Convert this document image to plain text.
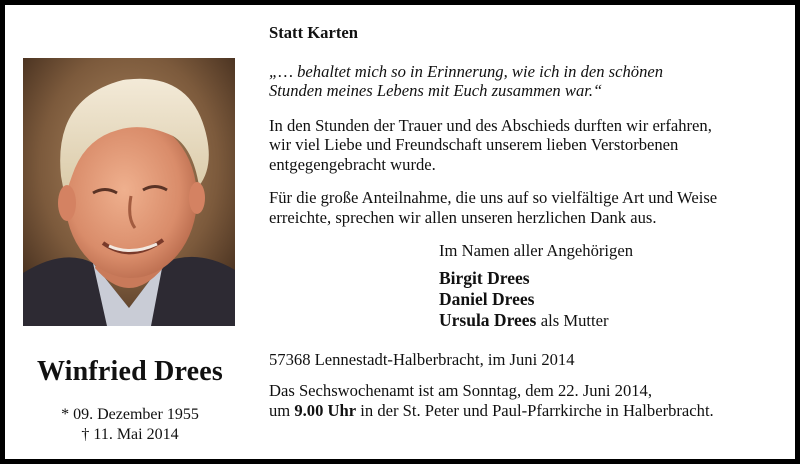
Winfried Drees
* 09. Dezember 1955
† 11. Mai 2014
Statt Karten
„… behaltet mich so in Erinnerung, wie ich in den schönen
Stunden meines Lebens mit Euch zusammen war.“
In den Stunden der Trauer und des Abschieds durften wir erfahren,
wir viel Liebe und Freundschaft unserem lieben Verstorbenen
entgegengebracht wurde.
Für die große Anteilnahme, die uns auf so vielfältige Art und Weise
erreichte, sprechen wir allen unseren herzlichen Dank aus.
Im Namen aller Angehörigen
Birgit Drees
Daniel Drees
Ursula Drees als Mutter
57368 Lennestadt-Halberbracht, im Juni 2014
Das Sechswochenamt ist am Sonntag, dem 22. Juni 2014,
um 9.00 Uhr in der St. Peter und Paul-Pfarrkirche in Halberbracht.
